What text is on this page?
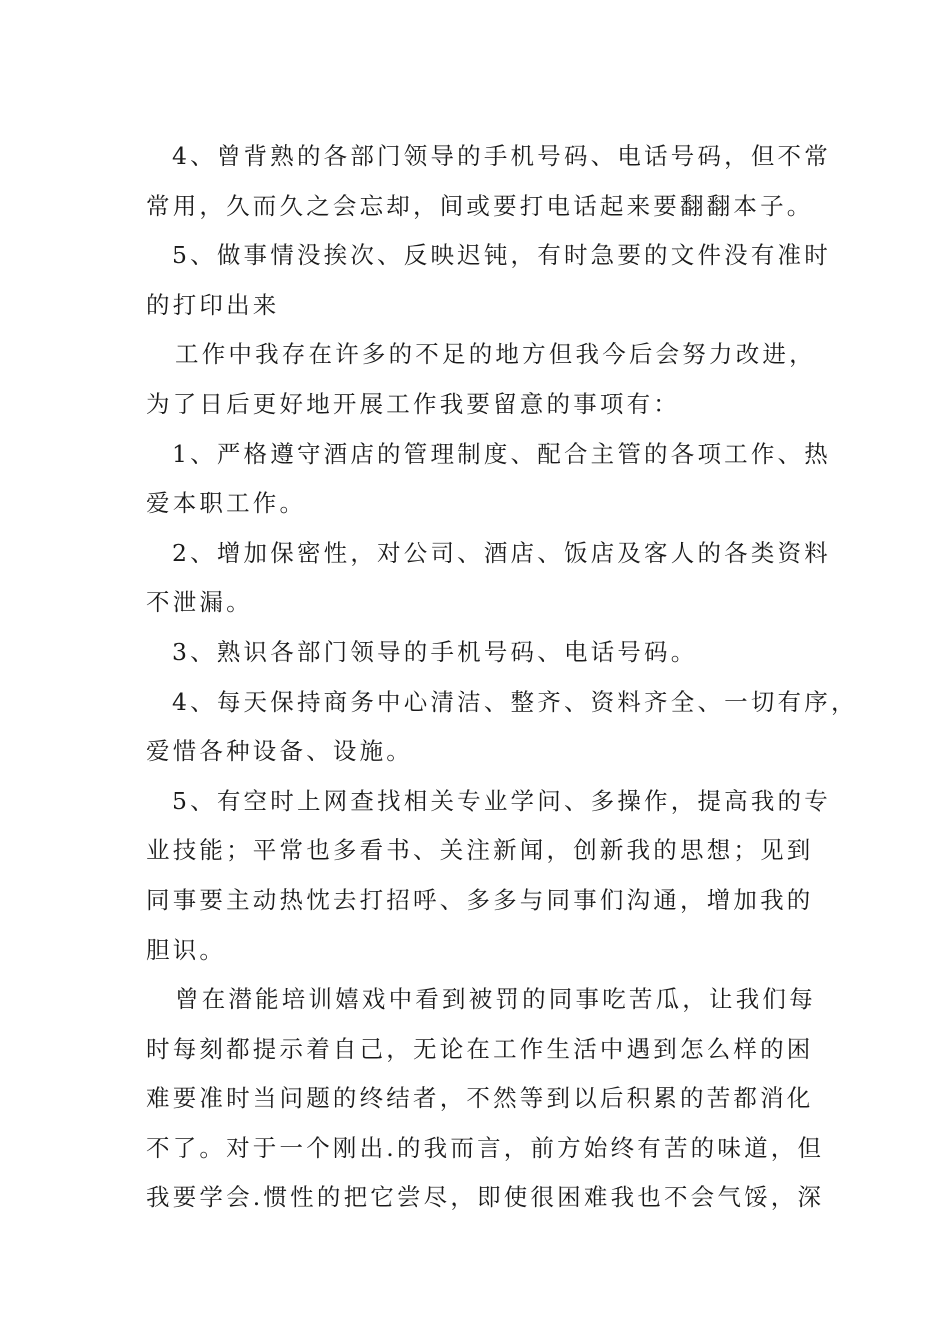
4、曾背熟的各部门领导的手机号码、电话号码，但不常
常用，久而久之会忘却，间或要打电话起来要翻翻本子。
5、做事情没挨次、反映迟钝，有时急要的文件没有准时
的打印出来
工作中我存在许多的不足的地方但我今后会努力改进，
为了日后更好地开展工作我要留意的事项有：
1、严格遵守酒店的管理制度、配合主管的各项工作、热
爱本职工作。
2、增加保密性，对公司、酒店、饭店及客人的各类资料
不泄漏。
3、熟识各部门领导的手机号码、电话号码。
4、每天保持商务中心清洁、整齐、资料齐全、一切有序，
爱惜各种设备、设施。
5、有空时上网查找相关专业学问、多操作，提高我的专
业技能；平常也多看书、关注新闻，创新我的思想；见到
同事要主动热忱去打招呼、多多与同事们沟通，增加我的
胆识。
曾在潜能培训嬉戏中看到被罚的同事吃苦瓜，让我们每
时每刻都提示着自己，无论在工作生活中遇到怎么样的困
难要准时当问题的终结者，不然等到以后积累的苦都消化
不了。对于一个刚出.的我而言，前方始终有苦的味道，但
我要学会.惯性的把它尝尽，即使很困难我也不会气馁，深
